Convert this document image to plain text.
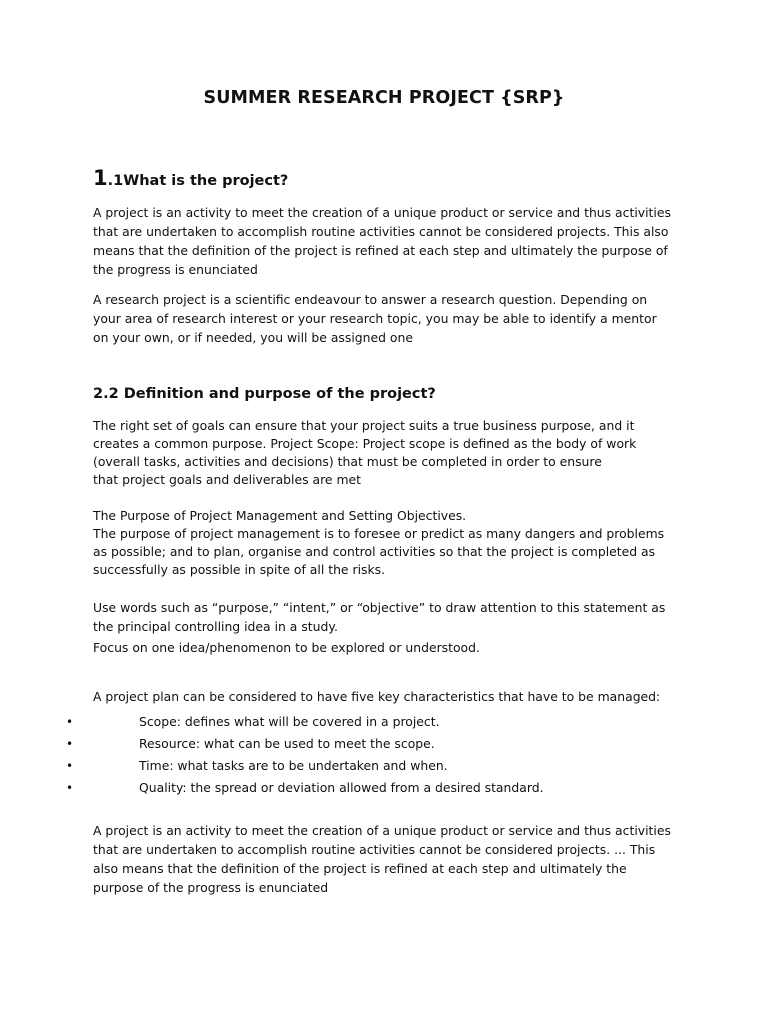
SUMMER RESEARCH PROJECT {SRP}
1.1What is the project?
A project is an activity to meet the creation of a unique product or service and thus activities
that are undertaken to accomplish routine activities cannot be considered projects. This also
means that the definition of the project is refined at each step and ultimately the purpose of
the progress is enunciated
A research project is a scientific endeavour to answer a research question. Depending on
your area of research interest or your research topic, you may be able to identify a mentor
on your own, or if needed, you will be assigned one
2.2 Definition and purpose of the project?
The right set of goals can ensure that your project suits a true business purpose, and it
creates a common purpose. Project Scope: Project scope is defined as the body of work
(overall tasks, activities and decisions) that must be completed in order to ensure
that project goals and deliverables are met
The Purpose of Project Management and Setting Objectives.
The purpose of project management is to foresee or predict as many dangers and problems
as possible; and to plan, organise and control activities so that the project is completed as
successfully as possible in spite of all the risks.
Use words such as “purpose,” “intent,” or “objective” to draw attention to this statement as
the principal controlling idea in a study.
Focus on one idea/phenomenon to be explored or understood.
A project plan can be considered to have five key characteristics that have to be managed:
•	Scope: defines what will be covered in a project.
•	Resource: what can be used to meet the scope.
•	Time: what tasks are to be undertaken and when.
•	Quality: the spread or deviation allowed from a desired standard.
A project is an activity to meet the creation of a unique product or service and thus activities
that are undertaken to accomplish routine activities cannot be considered projects. ... This
also means that the definition of the project is refined at each step and ultimately the
purpose of the progress is enunciated
